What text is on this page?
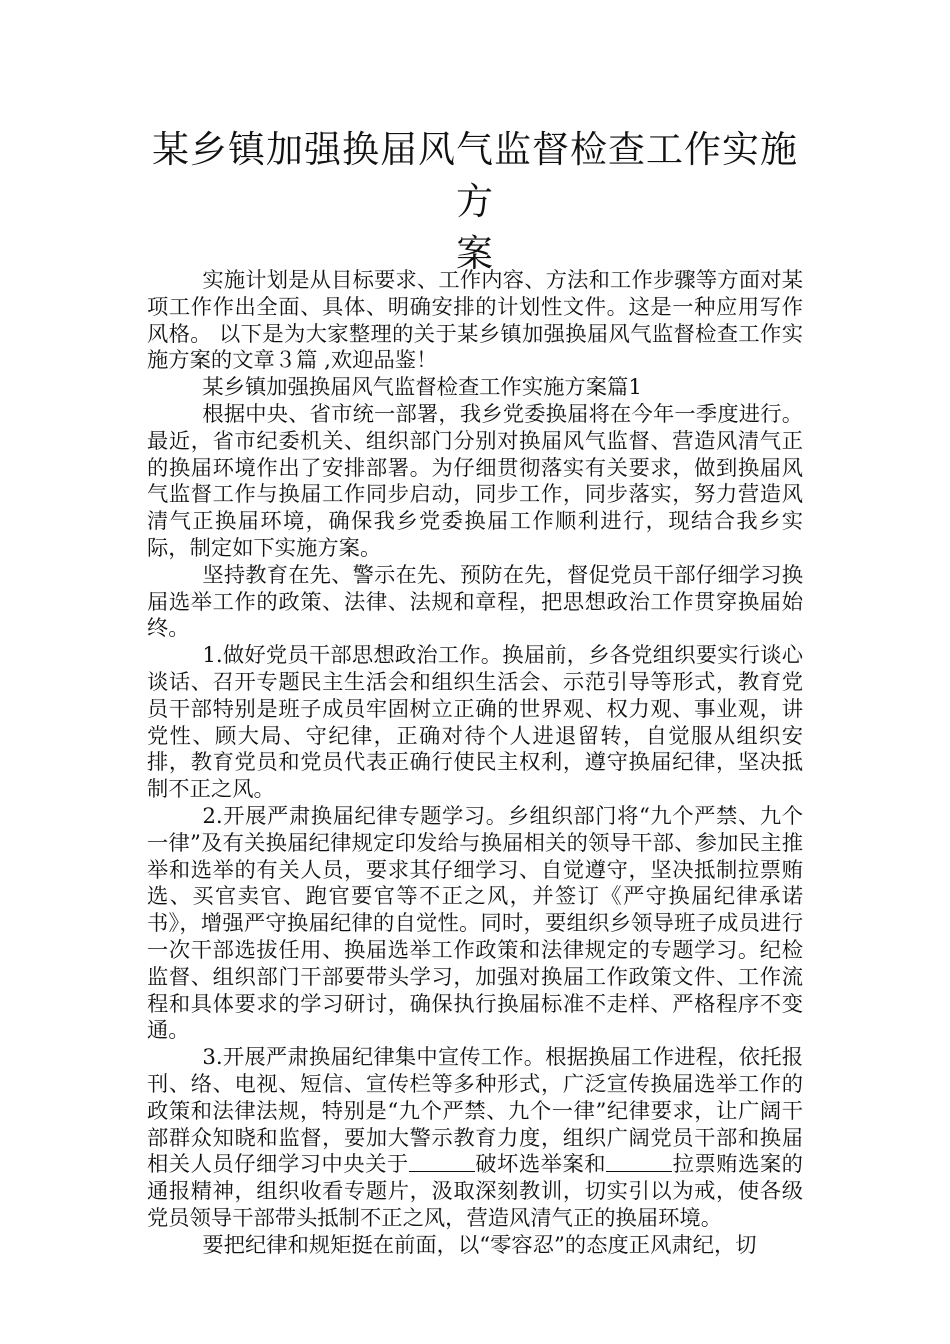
某乡镇加强换届风气监督检查工作实施方
案

实施计划是从目标要求、工作内容、方法和工作步骤等方面对某项工作作出全面、具体、明确安排的计划性文件。这是一种应用写作风格。 以下是为大家整理的关于某乡镇加强换届风气监督检查工作实施方案的文章３篇 ,欢迎品鉴！

某乡镇加强换届风气监督检查工作实施方案篇1

根据中央、省市统一部署，我乡党委换届将在今年一季度进行。最近，省市纪委机关、组织部门分别对换届风气监督、营造风清气正的换届环境作出了安排部署。为仔细贯彻落实有关要求，做到换届风气监督工作与换届工作同步启动，同步工作，同步落实，努力营造风清气正换届环境，确保我乡党委换届工作顺利进行，现结合我乡实际，制定如下实施方案。

坚持教育在先、警示在先、预防在先，督促党员干部仔细学习换届选举工作的政策、法律、法规和章程，把思想政治工作贯穿换届始终。

1.做好党员干部思想政治工作。换届前，乡各党组织要实行谈心谈话、召开专题民主生活会和组织生活会、示范引导等形式，教育党员干部特别是班子成员牢固树立正确的世界观、权力观、事业观，讲党性、顾大局、守纪律，正确对待个人进退留转，自觉服从组织安排，教育党员和党员代表正确行使民主权利，遵守换届纪律，坚决抵制不正之风。

2.开展严肃换届纪律专题学习。乡组织部门将“九个严禁、九个一律”及有关换届纪律规定印发给与换届相关的领导干部、参加民主推举和选举的有关人员，要求其仔细学习、自觉遵守，坚决抵制拉票贿选、买官卖官、跑官要官等不正之风，并签订《严守换届纪律承诺书》，增强严守换届纪律的自觉性。同时，要组织乡领导班子成员进行一次干部选拔任用、换届选举工作政策和法律规定的专题学习。纪检监督、组织部门干部要带头学习，加强对换届工作政策文件、工作流程和具体要求的学习研讨，确保执行换届标准不走样、严格程序不变通。

3.开展严肃换届纪律集中宣传工作。根据换届工作进程，依托报刊、络、电视、短信、宣传栏等多种形式，广泛宣传换届选举工作的政策和法律法规，特别是“九个严禁、九个一律”纪律要求，让广阔干部群众知晓和监督，要加大警示教育力度，组织广阔党员干部和换届相关人员仔细学习中央关于	破坏选举案和	拉票贿选案的通报精神，组织收看专题片，汲取深刻教训，切实引以为戒，使各级党员领导干部带头抵制不正之风，营造风清气正的换届环境。

要把纪律和规矩挺在前面，以“零容忍”的态度正风肃纪，切
